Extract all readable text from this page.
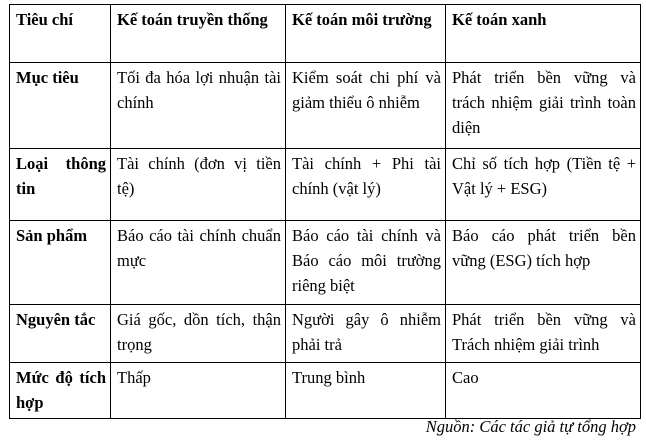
Tiêu chí	Kế toán truyền thống	Kế toán môi trường	Kế toán xanh
Mục tiêu	Tối đa hóa lợi nhuận tài chính	Kiểm soát chi phí và giảm thiểu ô nhiễm	Phát triển bền vững và trách nhiệm giải trình toàn diện
Loại thông tin	Tài chính (đơn vị tiền tệ)	Tài chính + Phi tài chính (vật lý)	Chỉ số tích hợp (Tiền tệ + Vật lý + ESG)
Sản phẩm	Báo cáo tài chính chuẩn mực	Báo cáo tài chính và Báo cáo môi trường riêng biệt	Báo cáo phát triển bền vững (ESG) tích hợp
Nguyên tắc	Giá gốc, dồn tích, thận trọng	Người gây ô nhiễm phải trả	Phát triển bền vững và Trách nhiệm giải trình
Mức độ tích hợp	Thấp	Trung bình	Cao
Nguồn: Các tác giả tự tổng hợp
